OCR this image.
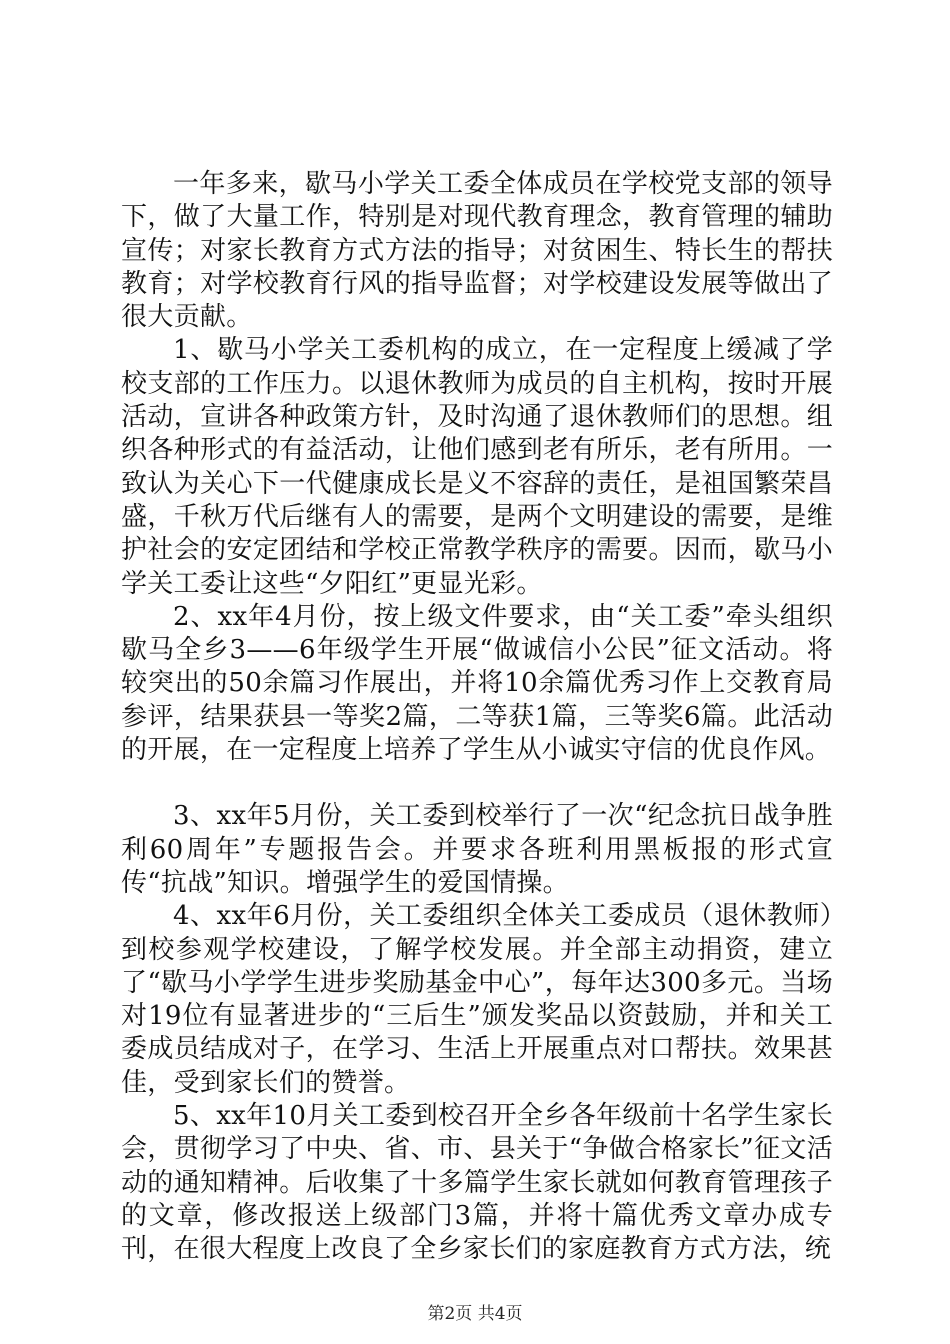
一年多来，歇马小学关工委全体成员在学校党支部的领导下，做了大量工作，特别是对现代教育理念，教育管理的辅助宣传；对家长教育方式方法的指导；对贫困生、特长生的帮扶教育；对学校教育行风的指导监督；对学校建设发展等做出了很大贡献。

1、歇马小学关工委机构的成立，在一定程度上缓减了学校支部的工作压力。以退休教师为成员的自主机构，按时开展活动，宣讲各种政策方针，及时沟通了退休教师们的思想。组织各种形式的有益活动，让他们感到老有所乐，老有所用。一致认为关心下一代健康成长是义不容辞的责任，是祖国繁荣昌盛，千秋万代后继有人的需要，是两个文明建设的需要，是维护社会的安定团结和学校正常教学秩序的需要。因而，歇马小学关工委让这些“夕阳红”更显光彩。

2、xx年4月份，按上级文件要求，由“关工委”牵头组织歇马全乡3——6年级学生开展“做诚信小公民”征文活动。将较突出的50余篇习作展出，并将10余篇优秀习作上交教育局参评，结果获县一等奖2篇，二等获1篇，三等奖6篇。此活动的开展，在一定程度上培养了学生从小诚实守信的优良作风。

3、xx年5月份，关工委到校举行了一次“纪念抗日战争胜利60周年”专题报告会。并要求各班利用黑板报的形式宣传“抗战”知识。增强学生的爱国情操。

4、xx年6月份，关工委组织全体关工委成员（退休教师）到校参观学校建设，了解学校发展。并全部主动捐资，建立了“歇马小学学生进步奖励基金中心”，每年达300多元。当场对19位有显著进步的“三后生”颁发奖品以资鼓励，并和关工委成员结成对子，在学习、生活上开展重点对口帮扶。效果甚佳，受到家长们的赞誉。

5、xx年10月关工委到校召开全乡各年级前十名学生家长会，贯彻学习了中央、省、市、县关于“争做合格家长”征文活动的通知精神。后收集了十多篇学生家长就如何教育管理孩子的文章，修改报送上级部门3篇，并将十篇优秀文章办成专刊，在很大程度上改良了全乡家长们的家庭教育方式方法，统

第2页 共4页
